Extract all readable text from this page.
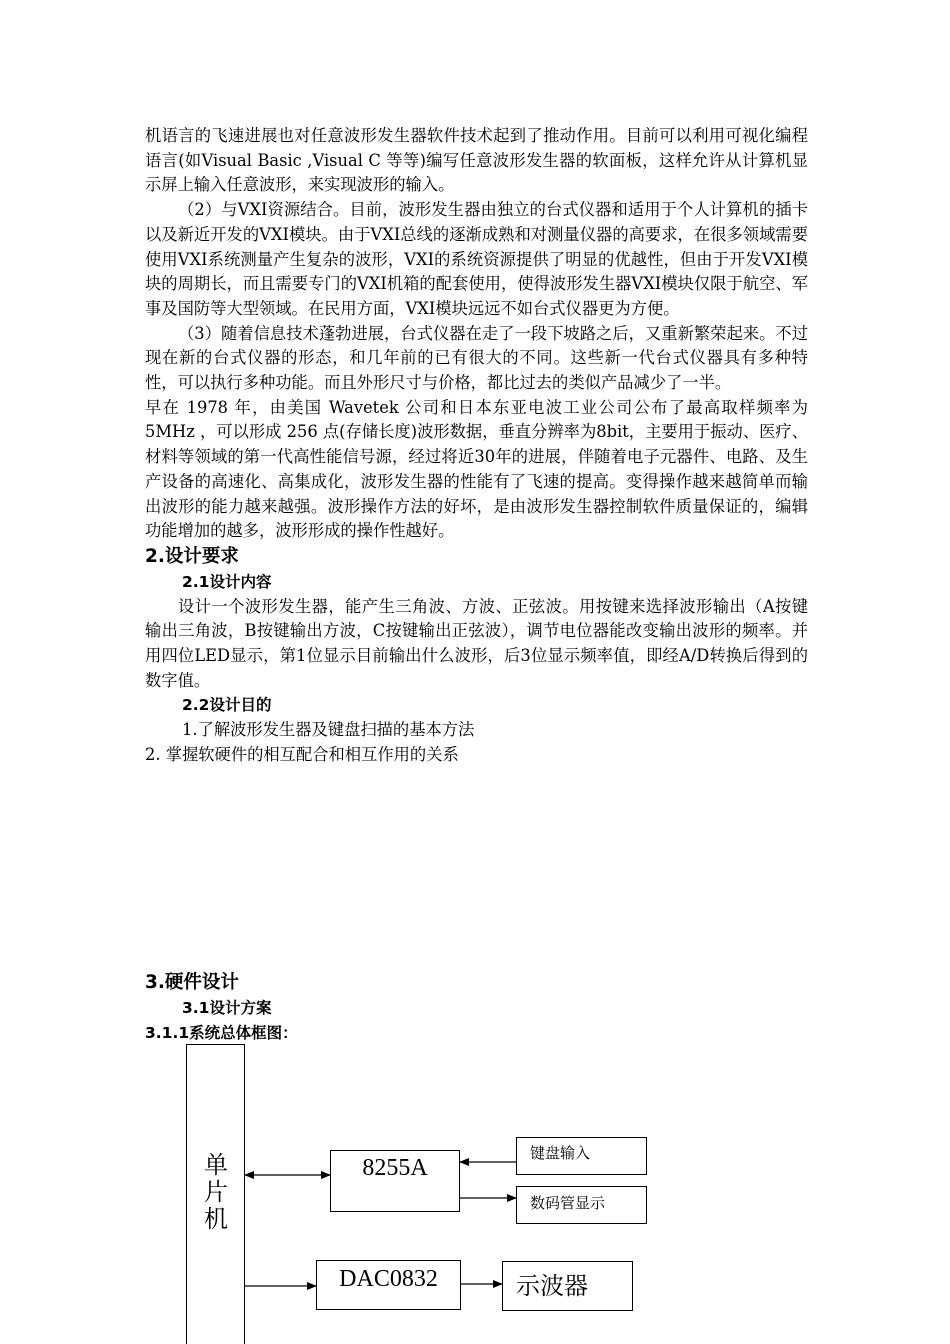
机语言的飞速进展也对任意波形发生器软件技术起到了推动作用。目前可以利用可视化编程语言(如Visual Basic ,Visual C 等等)编写任意波形发生器的软面板，这样允许从计算机显示屏上输入任意波形，来实现波形的输入。

（2）与VXI资源结合。目前，波形发生器由独立的台式仪器和适用于个人计算机的插卡以及新近开发的VXI模块。由于VXI总线的逐渐成熟和对测量仪器的高要求，在很多领域需要使用VXI系统测量产生复杂的波形，VXI的系统资源提供了明显的优越性，但由于开发VXI模块的周期长，而且需要专门的VXI机箱的配套使用，使得波形发生器VXI模块仅限于航空、军事及国防等大型领域。在民用方面，VXI模块远远不如台式仪器更为方便。

（3）随着信息技术蓬勃进展，台式仪器在走了一段下坡路之后，又重新繁荣起来。不过现在新的台式仪器的形态，和几年前的已有很大的不同。这些新一代台式仪器具有多种特性，可以执行多种功能。而且外形尺寸与价格，都比过去的类似产品减少了一半。

早在 1978 年，由美国 Wavetek 公司和日本东亚电波工业公司公布了最高取样频率为 5MHz ，可以形成 256 点(存储长度)波形数据，垂直分辨率为8bit，主要用于振动、医疗、材料等领域的第一代高性能信号源，经过将近30年的进展，伴随着电子元器件、电路、及生产设备的高速化、高集成化，波形发生器的性能有了飞速的提高。变得操作越来越简单而输出波形的能力越来越强。波形操作方法的好坏，是由波形发生器控制软件质量保证的，编辑功能增加的越多，波形形成的操作性越好。

2.设计要求
2.1设计内容

设计一个波形发生器，能产生三角波、方波、正弦波。用按键来选择波形输出（A按键输出三角波，B按键输出方波，C按键输出正弦波），调节电位器能改变输出波形的频率。并用四位LED显示，第1位显示目前输出什么波形，后3位显示频率值，即经A/D转换后得到的数字值。

2.2设计目的

1.了解波形发生器及键盘扫描的基本方法

2. 掌握软硬件的相互配合和相互作用的关系

3.硬件设计
3.1设计方案
3.1.1系统总体框图：
单片机
8255A
键盘输入
数码管显示
DAC0832	示波器
